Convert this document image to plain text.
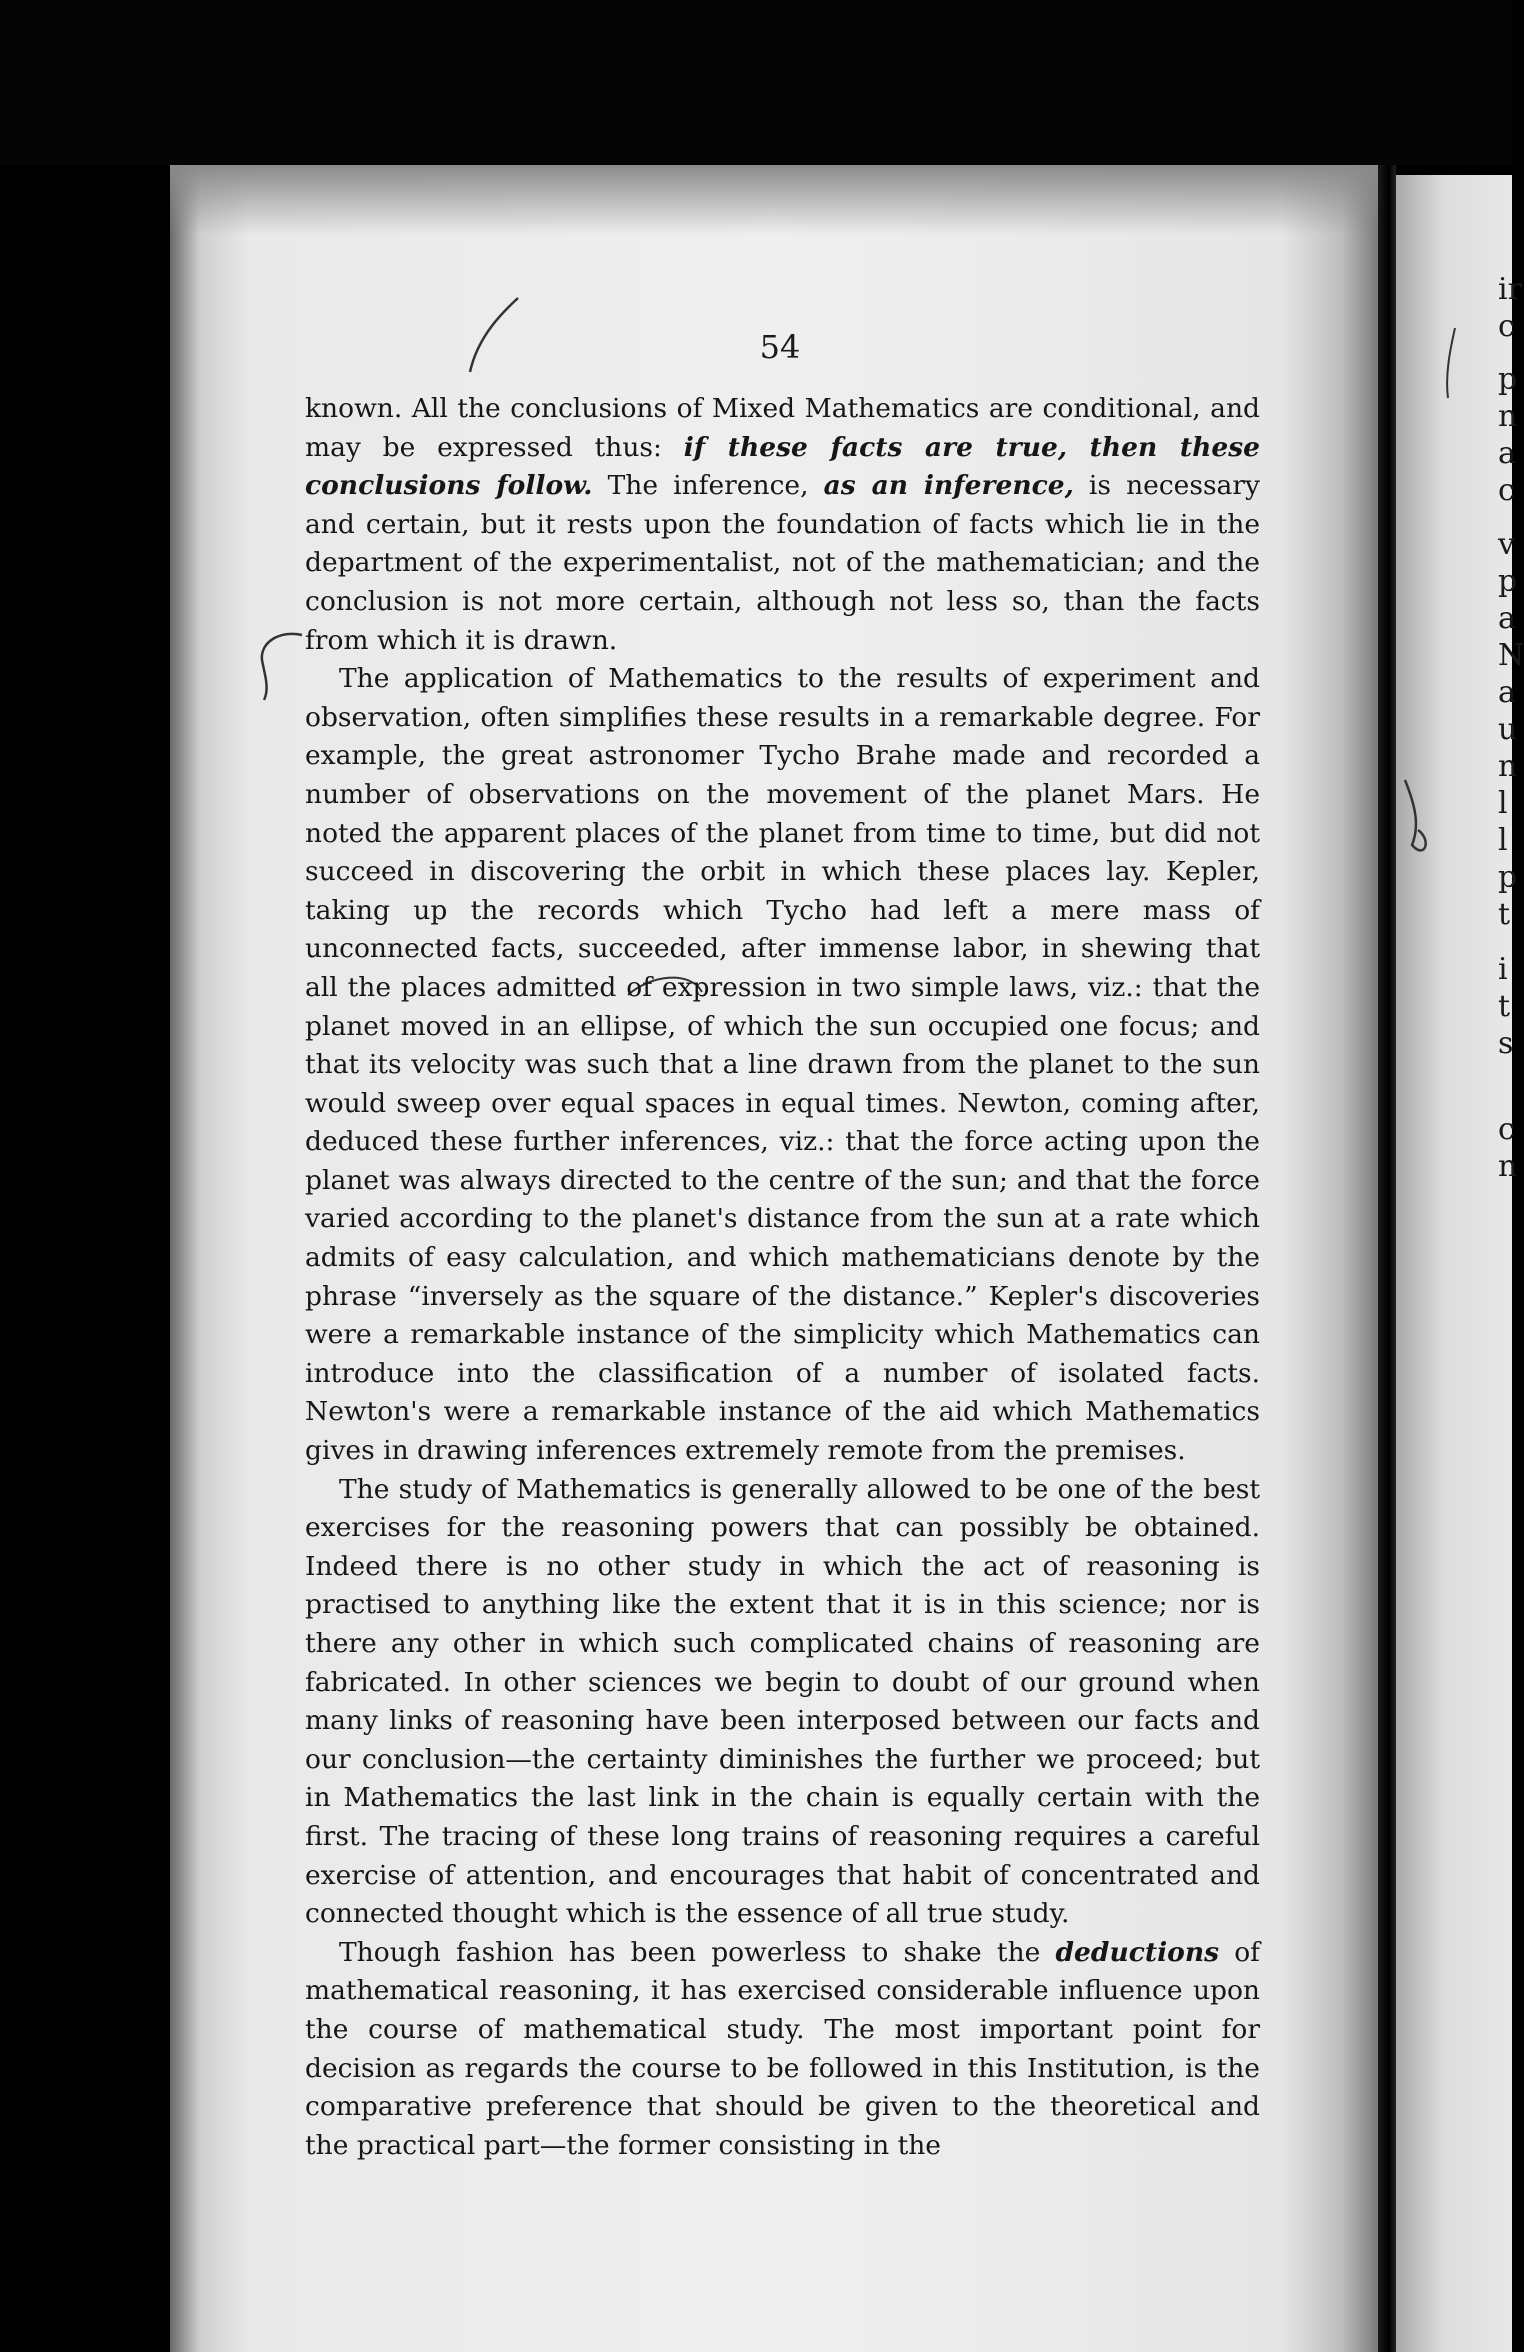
ir
c
p
n
a
c
v
p
a
N
a
u
n
l
l
p
t
i
t
s
c
n
54

known. All the conclusions of Mixed Mathematics are conditional, and may be expressed thus: if these facts are true, then these conclusions follow. The inference, as an inference, is necessary and certain, but it rests upon the foundation of facts which lie in the department of the experimentalist, not of the mathematician; and the conclusion is not more certain, although not less so, than the facts from which it is drawn.

The application of Mathematics to the results of experiment and observation, often simplifies these results in a remarkable degree. For example, the great astronomer Tycho Brahe made and recorded a number of observations on the movement of the planet Mars. He noted the apparent places of the planet from time to time, but did not succeed in discovering the orbit in which these places lay. Kepler, taking up the records which Tycho had left a mere mass of unconnected facts, succeeded, after immense labor, in shewing that all the places admitted of expression in two simple laws, viz.: that the planet moved in an ellipse, of which the sun occupied one focus; and that its velocity was such that a line drawn from the planet to the sun would sweep over equal spaces in equal times. Newton, coming after, deduced these further inferences, viz.: that the force acting upon the planet was always directed to the centre of the sun; and that the force varied according to the planet's distance from the sun at a rate which admits of easy calculation, and which mathematicians denote by the phrase “inversely as the square of the distance.” Kepler's discoveries were a remarkable instance of the simplicity which Mathematics can introduce into the classification of a number of isolated facts. Newton's were a remarkable instance of the aid which Mathematics gives in drawing inferences extremely remote from the premises.

The study of Mathematics is generally allowed to be one of the best exercises for the reasoning powers that can possibly be obtained. Indeed there is no other study in which the act of reasoning is practised to anything like the extent that it is in this science; nor is there any other in which such complicated chains of reasoning are fabricated. In other sciences we begin to doubt of our ground when many links of reasoning have been interposed between our facts and our conclusion—the certainty diminishes the further we proceed; but in Mathematics the last link in the chain is equally certain with the first. The tracing of these long trains of reasoning requires a careful exercise of attention, and encourages that habit of concentrated and connected thought which is the essence of all true study.

Though fashion has been powerless to shake the deductions of mathematical reasoning, it has exercised considerable influence upon the course of mathematical study. The most important point for decision as regards the course to be followed in this Institution, is the comparative preference that should be given to the theoretical and the practical part—the former consisting in the
